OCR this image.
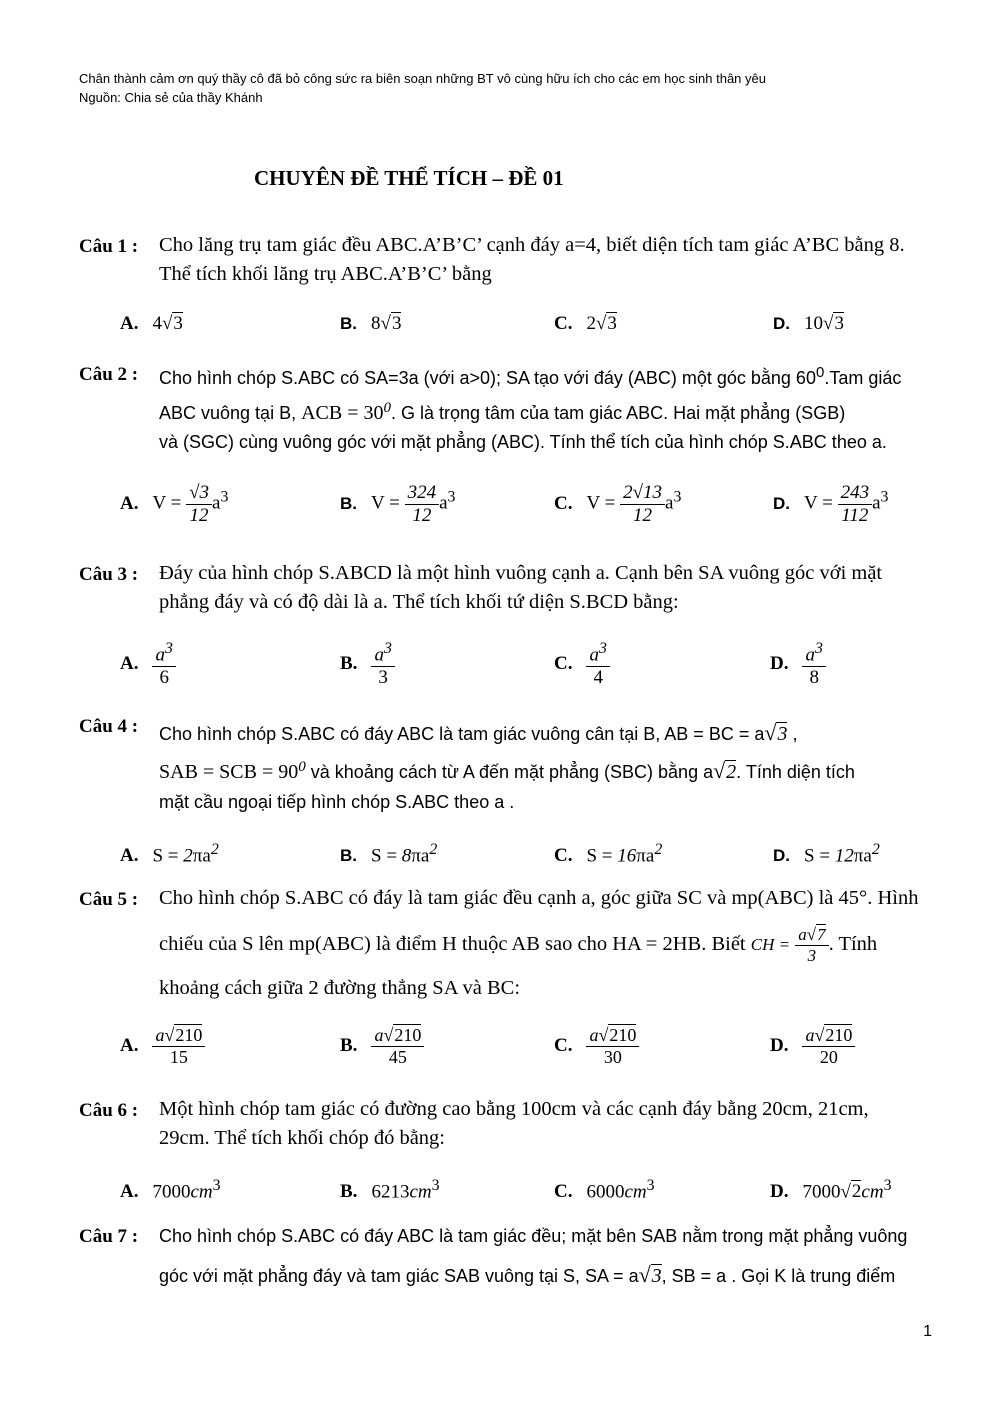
Chân thành cảm ơn quý thầy cô đã bỏ công sức ra biên soạn những BT vô cùng hữu ích cho các em học sinh thân yêu
Nguồn: Chia sẻ của thầy Khánh
CHUYÊN ĐỀ THỂ TÍCH – ĐỀ 01
Câu 1 : Cho lăng trụ tam giác đều ABC.A’B’C’ cạnh đáy a=4, biết diện tích tam giác A’BC bằng 8.
Thể tích khối lăng trụ ABC.A’B’C’ bằng
A. 4√3	B. 8√3	C. 2√3	D. 10√3
Câu 2 : Cho hình chóp S.ABC có SA=3a (với a>0); SA tạo với đáy (ABC) một góc bằng $60^0.Tam$ giác
ABC vuông tại B, ACB = $30^0$. G là trọng tâm của tam giác ABC. Hai mặt phẳng (SGB)
và (SGC) cùng vuông góc với mặt phẳng (ABC). Tính thể tích của hình chóp S.ABC theo a.
A. $V = \frac{√3}{12} a^3$	B. $V = \frac{324}{12} a^3$	C. $V = \frac{2√13}{12} a^3$	D. $V = \frac{243}{112} a^3$
Câu 3 : Đáy của hình chóp S.ABCD là một hình vuông cạnh a. Cạnh bên SA vuông góc với mặt
phẳng đáy và có độ dài là a. Thể tích khối tứ diện S.BCD bằng:
A. $\frac{a^3}{6}$	B. $\frac{a^3}{3}$	C. $\frac{a^3}{4}$	D. $\frac{a^3}{8}$
Câu 4 : Cho hình chóp S.ABC có đáy ABC là tam giác vuông cân tại B, AB = BC = a√3 ,
SAB = SCB = $90^0$ và khoảng cách từ A đến mặt phẳng (SBC) bằng a√2. Tính diện tích
mặt cầu ngoại tiếp hình chóp S.ABC theo a .
A. $S = 2\pi a^2$	B. $S = 8\pi a^2$	C. $S = 16\pi a^2$	D. $S = 12\pi a^2$
Câu 5 : Cho hình chóp S.ABC có đáy là tam giác đều cạnh a, góc giữa SC và mp(ABC) là 45°. Hình
chiếu của S lên mp(ABC) là điểm H thuộc AB sao cho HA = 2HB. Biết CH = $\frac{a√7}{3}$ . Tính
khoảng cách giữa 2 đường thẳng SA và BC:
A. $\frac{a√210}{15}$	B. $\frac{a√210}{45}$	C. $\frac{a√210}{30}$	D. $\frac{a√210}{20}$
Câu 6 : Một hình chóp tam giác có đường cao bằng 100cm và các cạnh đáy bằng 20cm, 21cm,
29cm. Thể tích khối chóp đó bằng:
A. $7000cm^3$	B. $6213cm^3$	C. $6000cm^3$	D. $7000√2cm^3$
Câu 7 : Cho hình chóp S.ABC có đáy ABC là tam giác đều; mặt bên SAB nằm trong mặt phẳng vuông
góc với mặt phẳng đáy và tam giác SAB vuông tại S, SA = a√3, SB = a . Gọi K là trung điểm
1
